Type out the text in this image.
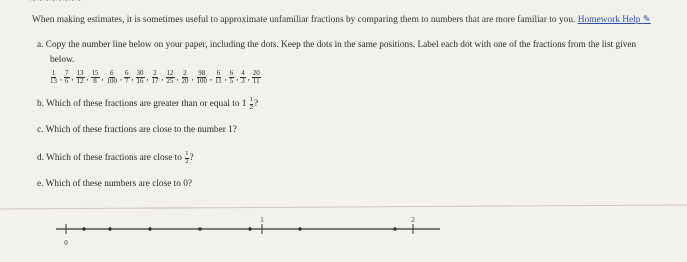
~~~~~~~~
When making estimates, it is sometimes useful to approximate unfamiliar fractions by comparing them to numbers that are more familiar to you. Homework Help ✎
a. Copy the number line below on your paper, including the dots. Keep the dots in the same positions. Label each dot with one of the fractions from the list given
below.
$\frac{1}{13}$ , $\frac{7}{6}$ , $\frac{13}{12}$ , $\frac{15}{8}$ , $\frac{6}{100}$ , $\frac{6}{7}$ , $\frac{30}{16}$ , $\frac{2}{17}$ , $\frac{12}{25}$ , $\frac{2}{20}$ , $\frac{98}{100}$ , $\frac{6}{11}$ , $\frac{6}{5}$ , $\frac{4}{3}$ , $\frac{20}{11}$
b. Which of these fractions are greater than or equal to $1 \frac{1}{2}$ ?
c. Which of these fractions are close to the number 1?
d. Which of these fractions are close to $\frac{1}{2}$ ?
e. Which of these numbers are close to 0?
0
1	2
